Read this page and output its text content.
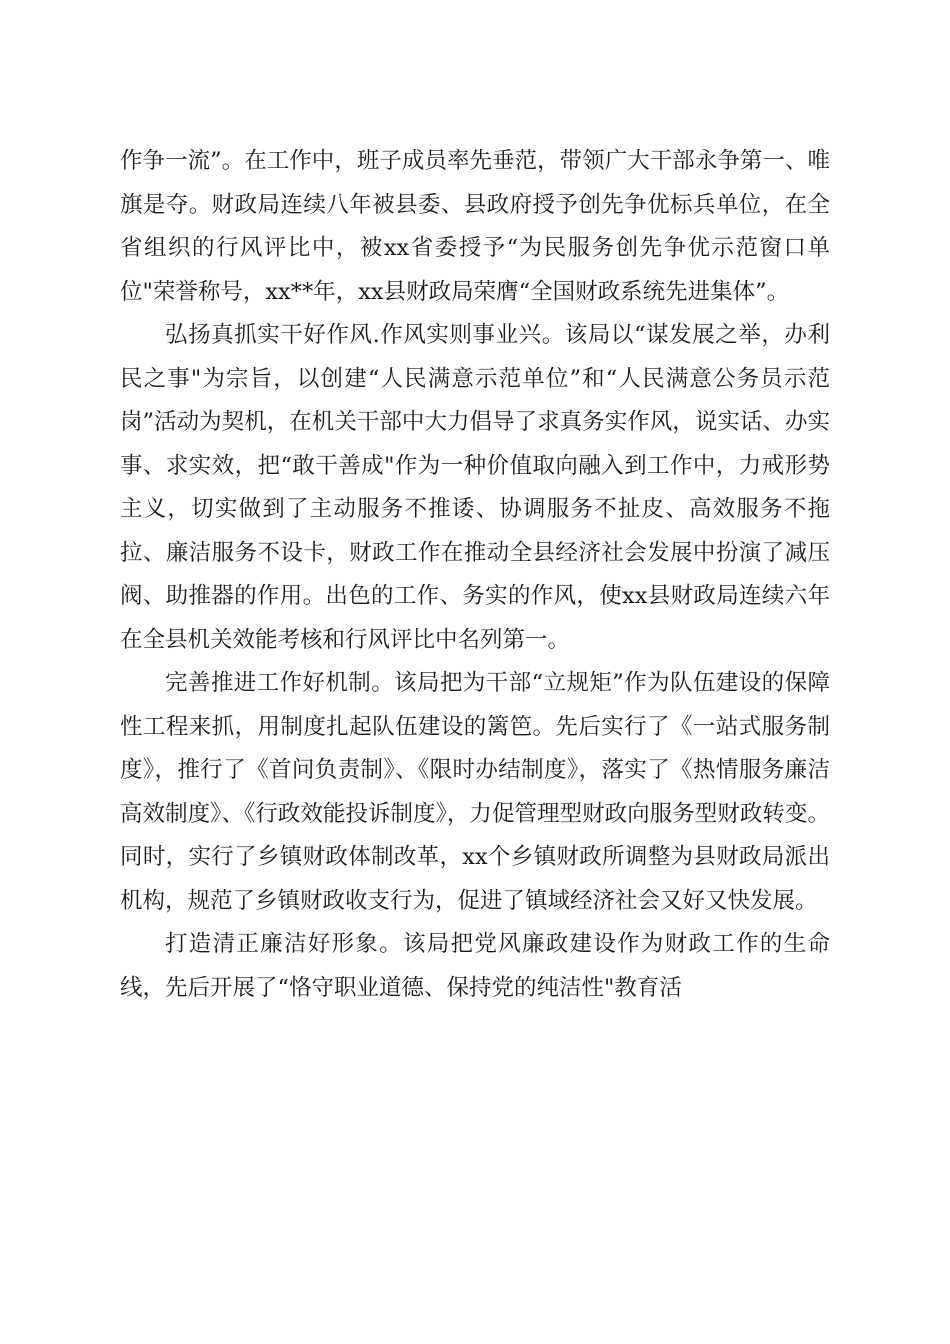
作争一流”。在工作中，班子成员率先垂范，带领广大干部永争第一、唯旗是夺。财政局连续八年被县委、县政府授予创先争优标兵单位，在全省组织的行风评比中，被xx省委授予“为民服务创先争优示范窗口单位"荣誉称号，xx**年，xx县财政局荣膺“全国财政系统先进集体”。

弘扬真抓实干好作风.作风实则事业兴。该局以“谋发展之举，办利民之事"为宗旨，以创建“人民满意示范单位”和“人民满意公务员示范岗”活动为契机，在机关干部中大力倡导了求真务实作风，说实话、办实事、求实效，把“敢干善成"作为一种价值取向融入到工作中，力戒形势主义，切实做到了主动服务不推诿、协调服务不扯皮、高效服务不拖拉、廉洁服务不设卡，财政工作在推动全县经济社会发展中扮演了减压阀、助推器的作用。出色的工作、务实的作风，使xx县财政局连续六年在全县机关效能考核和行风评比中名列第一。

完善推进工作好机制。该局把为干部“立规矩”作为队伍建设的保障性工程来抓，用制度扎起队伍建设的篱笆。先后实行了《一站式服务制度》，推行了《首问负责制》、《限时办结制度》，落实了《热情服务廉洁高效制度》、《行政效能投诉制度》，力促管理型财政向服务型财政转变。同时，实行了乡镇财政体制改革，xx个乡镇财政所调整为县财政局派出机构，规范了乡镇财政收支行为，促进了镇域经济社会又好又快发展。

打造清正廉洁好形象。该局把党风廉政建设作为财政工作的生命线，先后开展了“恪守职业道德、保持党的纯洁性"教育活
